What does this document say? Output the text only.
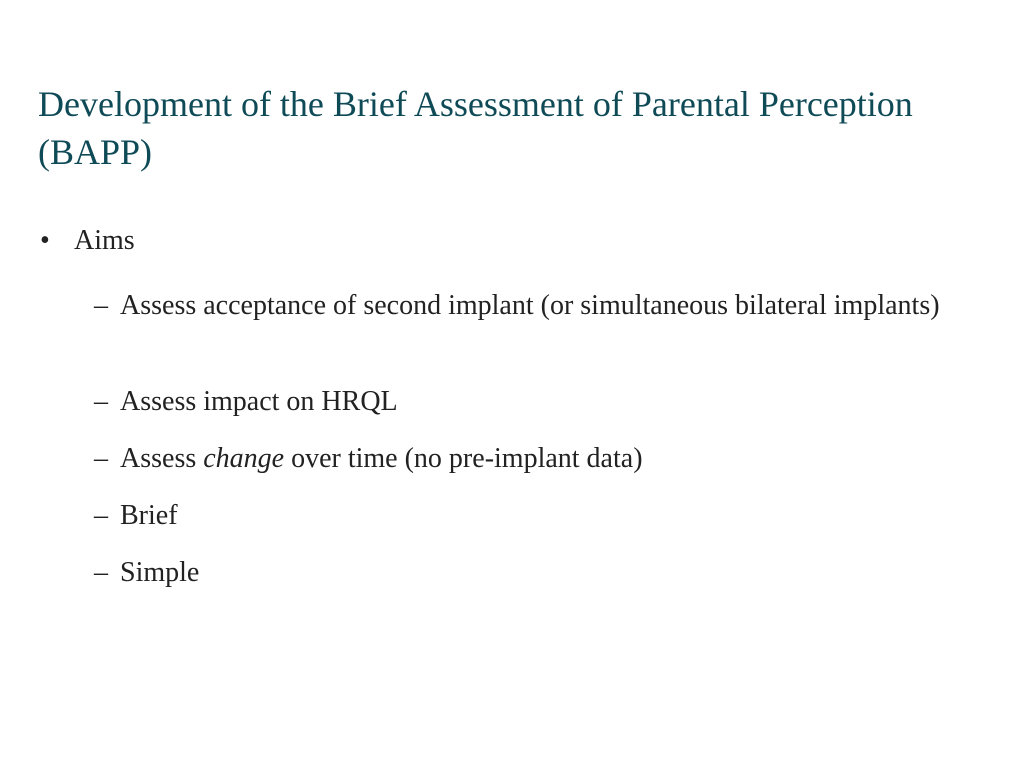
Development of the Brief Assessment of Parental Perception (BAPP)
• Aims
– Assess acceptance of second implant (or simultaneous bilateral implants)
– Assess impact on HRQL
– Assess change over time (no pre-implant data)
– Brief
– Simple
